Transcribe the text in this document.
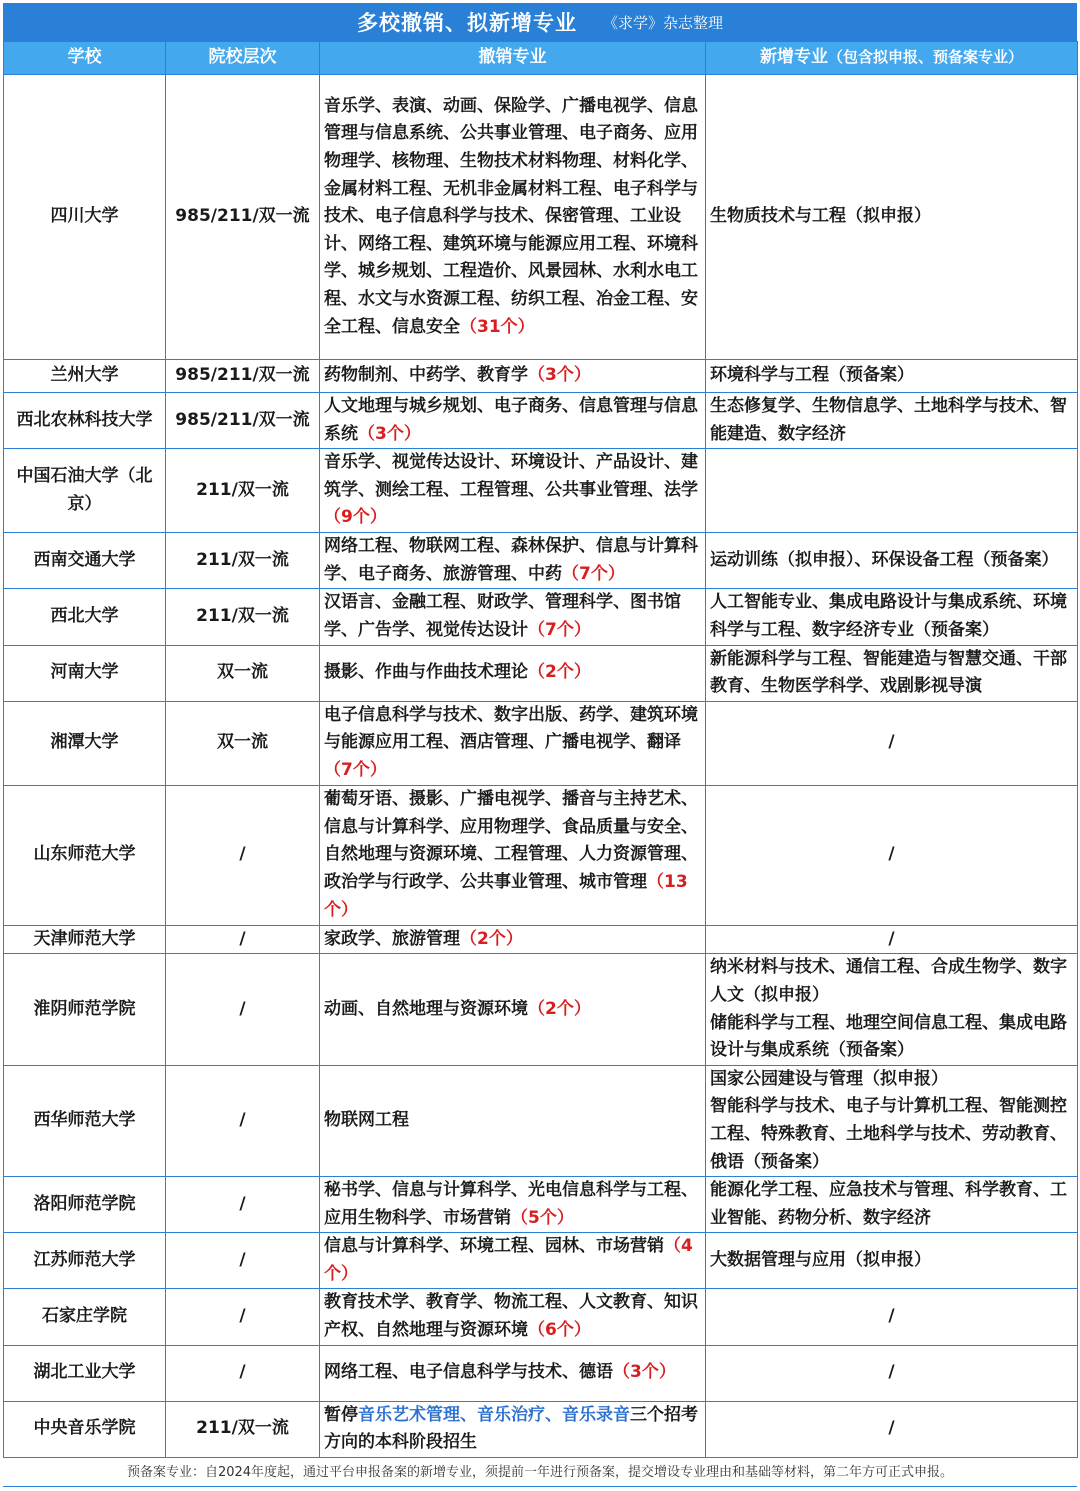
多校撤销、拟新增专业 《求学》杂志整理
学校	院校层次	撤销专业	新增专业（包含拟申报、预备案专业）
四川大学	985/211/双一流	音乐学、表演、动画、保险学、广播电视学、信息管理与信息系统、公共事业管理、电子商务、应用物理学、核物理、生物技术材料物理、材料化学、金属材料工程、无机非金属材料工程、电子科学与技术、电子信息科学与技术、保密管理、工业设计、网络工程、建筑环境与能源应用工程、环境科学、城乡规划、工程造价、风景园林、水利水电工程、水文与水资源工程、纺织工程、冶金工程、安全工程、信息安全（31个）	生物质技术与工程（拟申报）

兰州大学	985/211/双一流	药物制剂、中药学、教育学（3个）	环境科学与工程（预备案）

西北农林科技大学	985/211/双一流	人文地理与城乡规划、电子商务、信息管理与信息系统（3个）	生态修复学、生物信息学、土地科学与技术、智能建造、数字经济

中国石油大学（北京）	211/双一流	音乐学、视觉传达设计、环境设计、产品设计、建筑学、测绘工程、工程管理、公共事业管理、法学（9个）	
西南交通大学	211/双一流	网络工程、物联网工程、森林保护、信息与计算科学、电子商务、旅游管理、中药（7个）	运动训练（拟申报）、环保设备工程（预备案）

西北大学	211/双一流	汉语言、金融工程、财政学、管理科学、图书馆学、广告学、视觉传达设计（7个）	人工智能专业、集成电路设计与集成系统、环境科学与工程、数字经济专业（预备案）

河南大学	双一流	摄影、作曲与作曲技术理论（2个）	新能源科学与工程、智能建造与智慧交通、干部教育、生物医学科学、戏剧影视导演

湘潭大学	双一流	电子信息科学与技术、数字出版、药学、建筑环境与能源应用工程、酒店管理、广播电视学、翻译（7个）	/

山东师范大学	/	葡萄牙语、摄影、广播电视学、播音与主持艺术、信息与计算科学、应用物理学、食品质量与安全、自然地理与资源环境、工程管理、人力资源管理、政治学与行政学、公共事业管理、城市管理（13个）	/

天津师范大学	/	家政学、旅游管理（2个）	/

淮阴师范学院	/	动画、自然地理与资源环境（2个）	纳米材料与技术、通信工程、合成生物学、数字人文（拟申报）
储能科学与工程、地理空间信息工程、集成电路设计与集成系统（预备案）

西华师范大学	/	物联网工程	国家公园建设与管理（拟申报）
智能科学与技术、电子与计算机工程、智能测控工程、特殊教育、土地科学与技术、劳动教育、俄语（预备案）

洛阳师范学院	/	秘书学、信息与计算科学、光电信息科学与工程、应用生物科学、市场营销（5个）	能源化学工程、应急技术与管理、科学教育、工业智能、药物分析、数字经济

江苏师范大学	/	信息与计算科学、环境工程、园林、市场营销（4个）	大数据管理与应用（拟申报）

石家庄学院	/	教育技术学、教育学、物流工程、人文教育、知识产权、自然地理与资源环境（6个）	/

湖北工业大学	/	网络工程、电子信息科学与技术、德语（3个）	/

中央音乐学院	211/双一流	暂停音乐艺术管理、音乐治疗、音乐录音三个招考方向的本科阶段招生	/
预备案专业：自2024年度起，通过平台申报备案的新增专业，须提前一年进行预备案，提交增设专业理由和基础等材料，第二年方可正式申报。
